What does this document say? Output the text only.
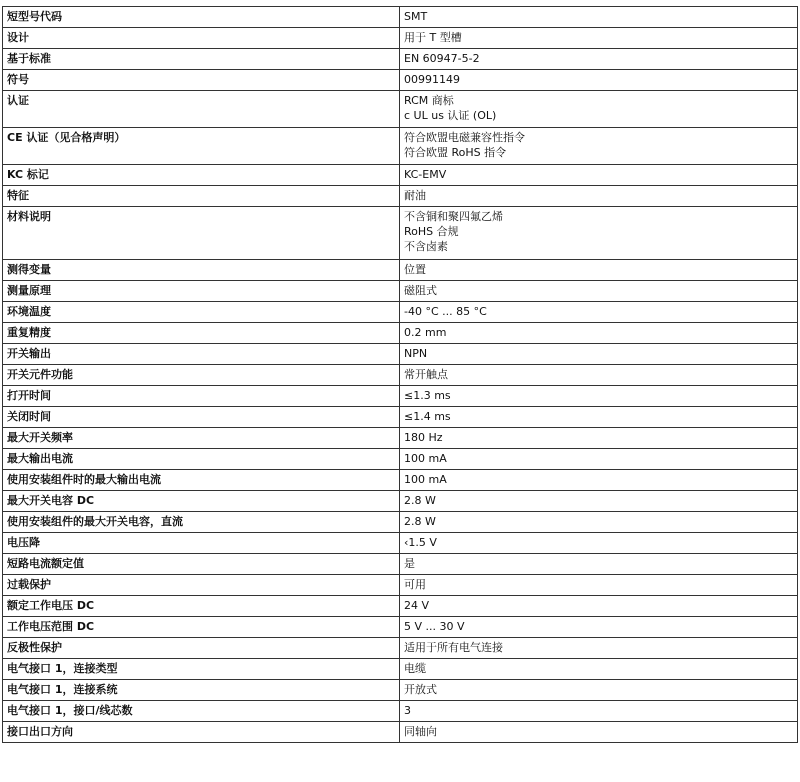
短型号代码	SMT

设计	用于 T 型槽

基于标准	EN 60947-5-2

符号	00991149

认证	RCM 商标
c UL us 认证 (OL)

CE 认证（见合格声明）	符合欧盟电磁兼容性指令
符合欧盟 RoHS 指令

KC 标记	KC-EMV

特征	耐油

材料说明	不含铜和聚四氟乙烯
RoHS 合规
不含卤素

测得变量	位置

测量原理	磁阻式

环境温度	-40 °C ... 85 °C

重复精度	0.2 mm

开关输出	NPN

开关元件功能	常开触点

打开时间	≤1.3 ms

关闭时间	≤1.4 ms

最大开关频率	180 Hz

最大输出电流	100 mA

使用安装组件时的最大输出电流	100 mA

最大开关电容 DC	2.8 W

使用安装组件的最大开关电容，直流	2.8 W

电压降	‹1.5 V

短路电流额定值	是

过载保护	可用

额定工作电压 DC	24 V

工作电压范围 DC	5 V ... 30 V

反极性保护	适用于所有电气连接

电气接口 1，连接类型	电缆

电气接口 1，连接系统	开放式

电气接口 1，接口/线芯数	3

接口出口方向	同轴向
